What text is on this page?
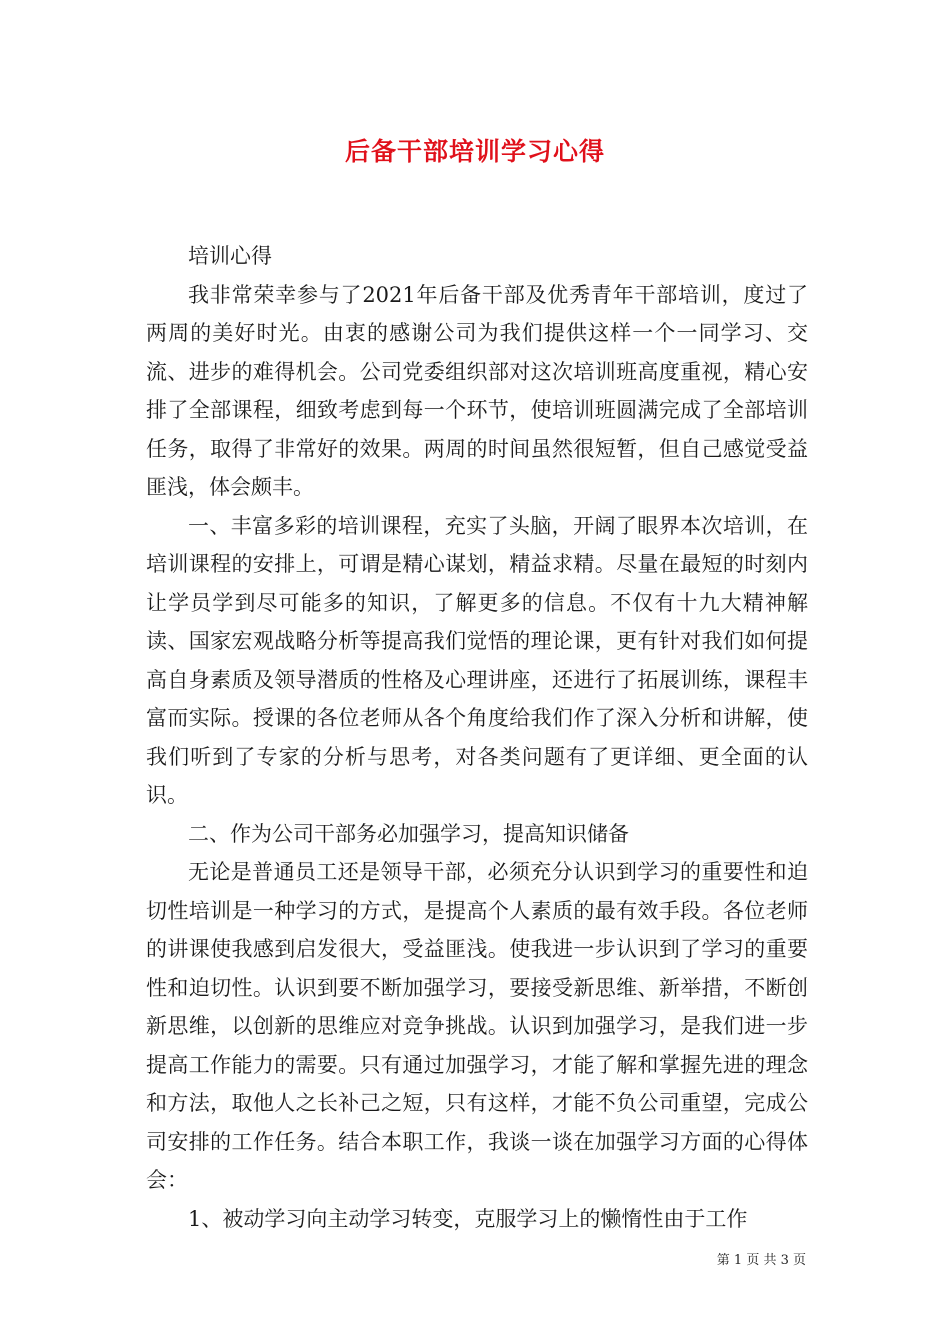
后备干部培训学习心得

培训心得

我非常荣幸参与了2021年后备干部及优秀青年干部培训，度过了两周的美好时光。由衷的感谢公司为我们提供这样一个一同学习、交流、进步的难得机会。公司党委组织部对这次培训班高度重视，精心安排了全部课程，细致考虑到每一个环节，使培训班圆满完成了全部培训任务，取得了非常好的效果。两周的时间虽然很短暂，但自己感觉受益匪浅，体会颇丰。

一、丰富多彩的培训课程，充实了头脑，开阔了眼界本次培训，在培训课程的安排上，可谓是精心谋划，精益求精。尽量在最短的时刻内让学员学到尽可能多的知识，了解更多的信息。不仅有十九大精神解读、国家宏观战略分析等提高我们觉悟的理论课，更有针对我们如何提高自身素质及领导潜质的性格及心理讲座，还进行了拓展训练，课程丰富而实际。授课的各位老师从各个角度给我们作了深入分析和讲解，使我们听到了专家的分析与思考，对各类问题有了更详细、更全面的认识。

二、作为公司干部务必加强学习，提高知识储备

无论是普通员工还是领导干部，必须充分认识到学习的重要性和迫切性培训是一种学习的方式，是提高个人素质的最有效手段。各位老师的讲课使我感到启发很大，受益匪浅。使我进一步认识到了学习的重要性和迫切性。认识到要不断加强学习，要接受新思维、新举措，不断创新思维，以创新的思维应对竞争挑战。认识到加强学习，是我们进一步提高工作能力的需要。只有通过加强学习，才能了解和掌握先进的理念和方法，取他人之长补己之短，只有这样，才能不负公司重望，完成公司安排的工作任务。结合本职工作，我谈一谈在加强学习方面的心得体会：

1、被动学习向主动学习转变，克服学习上的懒惰性由于工作

第 1 页 共 3 页
